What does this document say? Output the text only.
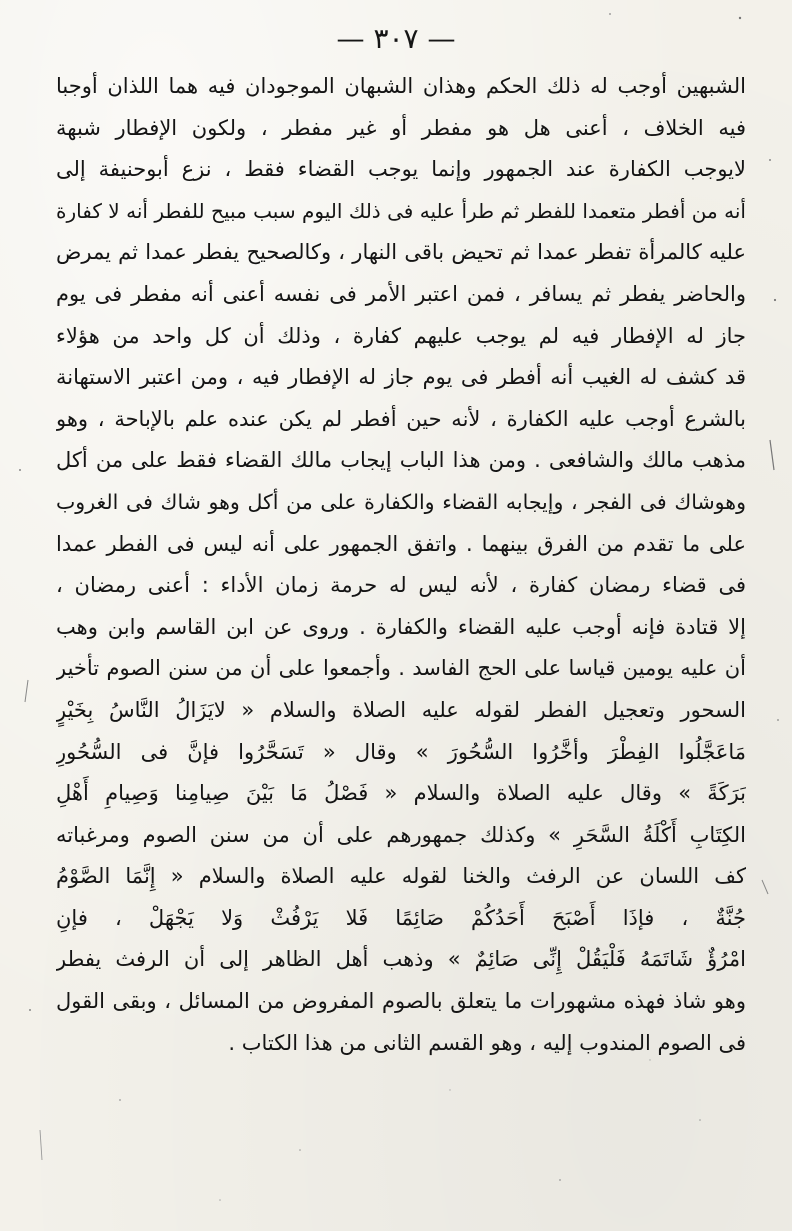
— ٣٠٧ —
الشبهين أوجب له ذلك الحكم وهذان الشبهان الموجودان فيه هما اللذان أوجبا
فيه الخلاف ، أعنى هل هو مفطر أو غير مفطر ، ولكون الإفطار شبهة
لايوجب الكفارة عند الجمهور وإنما يوجب القضاء فقط ، نزع أبوحنيفة إلى
أنه من أفطر متعمدا للفطر ثم طرأ عليه فى ذلك اليوم سبب مبيح للفطر أنه لا كفارة
عليه كالمرأة تفطر عمدا ثم تحيض باقى النهار ، وكالصحيح يفطر عمدا ثم يمرض
والحاضر يفطر ثم يسافر ، فمن اعتبر الأمر فى نفسه أعنى أنه مفطر فى يوم
جاز له الإفطار فيه لم يوجب عليهم كفارة ، وذلك أن كل واحد من هؤلاء
قد كشف له الغيب أنه أفطر فى يوم جاز له الإفطار فيه ، ومن اعتبر الاستهانة
بالشرع أوجب عليه الكفارة ، لأنه حين أفطر لم يكن عنده علم بالإباحة ، وهو
مذهب مالك والشافعى . ومن هذا الباب إيجاب مالك القضاء فقط على من أكل
وهوشاك فى الفجر ، وإيجابه القضاء والكفارة على من أكل وهو شاك فى الغروب
على ما تقدم من الفرق بينهما . واتفق الجمهور على أنه ليس فى الفطر عمدا
فى قضاء رمضان كفارة ، لأنه ليس له حرمة زمان الأداء : أعنى رمضان ،
إلا قتادة فإنه أوجب عليه القضاء والكفارة . وروى عن ابن القاسم وابن وهب
أن عليه يومين قياسا على الحج الفاسد . وأجمعوا على أن من سنن الصوم تأخير
السحور وتعجيل الفطر لقوله عليه الصلاة والسلام « لايَزَالُ النَّاسُ بِخَيْرٍ
مَاعَجَّلُوا الفِطْرَ وأخَّرُوا السُّحُورَ » وقال « تَسَحَّرُوا فإنَّ فى السُّحُورِ
بَرَكَةً » وقال عليه الصلاة والسلام « فَصْلُ مَا بَيْنَ صِيامِنا وَصِيامِ أَهْلِ
الكِتَابِ أَكْلَةُ السَّحَرِ » وكذلك جمهورهم على أن من سنن الصوم ومرغباته
كف اللسان عن الرفث والخنا لقوله عليه الصلاة والسلام « إِنَّمَا الصَّوْمُ
جُنَّةٌ ، فإذَا أَصْبَحَ أَحَدُكُمْ صَائِمًا فَلا يَرْفُثْ وَلا يَجْهَلْ ، فإنِ
امْرُؤٌ شَاتَمَهُ فَلْيَقُلْ إِنِّى صَائِمٌ » وذهب أهل الظاهر إلى أن الرفث يفطر
وهو شاذ فهذه مشهورات ما يتعلق بالصوم المفروض من المسائل ، وبقى القول
فى الصوم المندوب إليه ، وهو القسم الثانى من هذا الكتاب .
